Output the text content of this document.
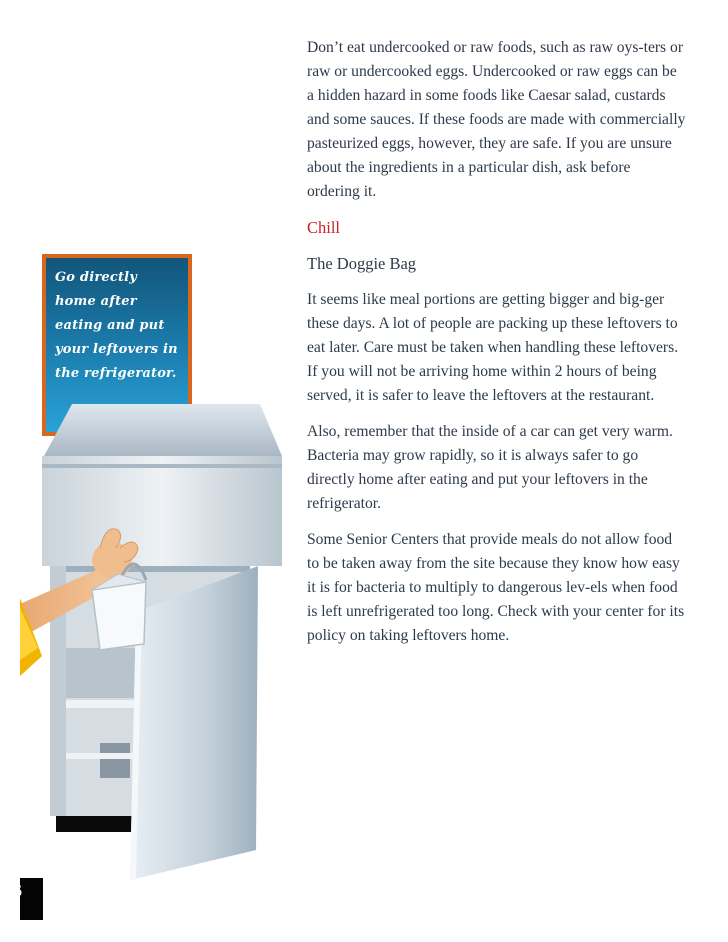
Don’t eat undercooked or raw foods, such as raw oys-ters or raw or undercooked eggs. Undercooked or raw eggs can be a hidden hazard in some foods like Caesar salad, custards and some sauces. If these foods are made with commercially pasteurized eggs, however, they are safe. If you are unsure about the ingredients in a particular dish, ask before ordering it.

Chill
The Doggie Bag

It seems like meal portions are getting bigger and big-ger these days. A lot of people are packing up these leftovers to eat later. Care must be taken when handling these leftovers. If you will not be arriving home within 2 hours of being served, it is safer to leave the leftovers at the restaurant.

Also, remember that the inside of a car can get very warm. Bacteria may grow rapidly, so it is always safer to go directly home after eating and put your leftovers in the refrigerator.

Some Senior Centers that provide meals do not allow food to be taken away from the site because they know how easy it is for bacteria to multiply to dangerous lev-els when food is left unrefrigerated too long. Check with your center for its policy on taking leftovers home.

Go directly home after eating and put your leftovers in the refrigerator.
6
